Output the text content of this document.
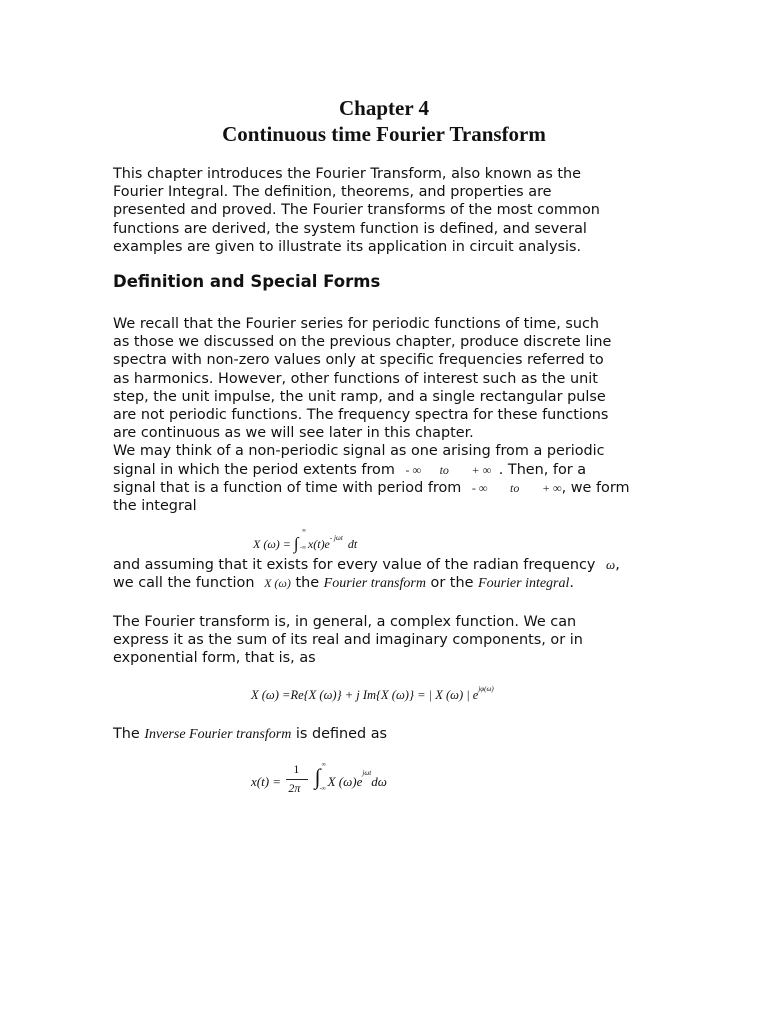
Chapter 4
Continuous time Fourier Transform
This chapter introduces the Fourier Transform, also known as the
Fourier Integral. The definition, theorems, and properties are
presented and proved. The Fourier transforms of the most common
functions are derived, the system function is defined, and several
examples are given to illustrate its application in circuit analysis.
Definition and Special Forms
We recall that the Fourier series for periodic functions of time, such
as those we discussed on the previous chapter, produce discrete line
spectra with non-zero values only at specific frequencies referred to
as harmonics. However, other functions of interest such as the unit
step, the unit impulse, the unit ramp, and a single rectangular pulse
are not periodic functions. The frequency spectra for these functions
are continuous as we will see later in this chapter.
We may think of a non-periodic signal as one arising from a periodic
signal in which the period extents from - ∞ to + ∞ . Then, for a
signal that is a function of time with period from - ∞ to + ∞, we form
the integral
X (ω) = ∫
∞
-∞ $x(t)e^{- j\omega t}$ dt
and assuming that it exists for every value of the radian frequency ω,
we call the function X (ω) the Fourier transform or the Fourier integral.
The Fourier transform is, in general, a complex function. We can
express it as the sum of its real and imaginary components, or in
exponential form, that is, as
X (ω) =Re{X (ω)} + j Im{X (ω)} = | X (ω) | $e^{j\varphi(\omega)}$
The Inverse Fourier transform is defined as
$x(t) = \frac{1}{2\pi}$
∫ ∞
-∞ X $(\omega)e^{j\omega t}d\omega$
